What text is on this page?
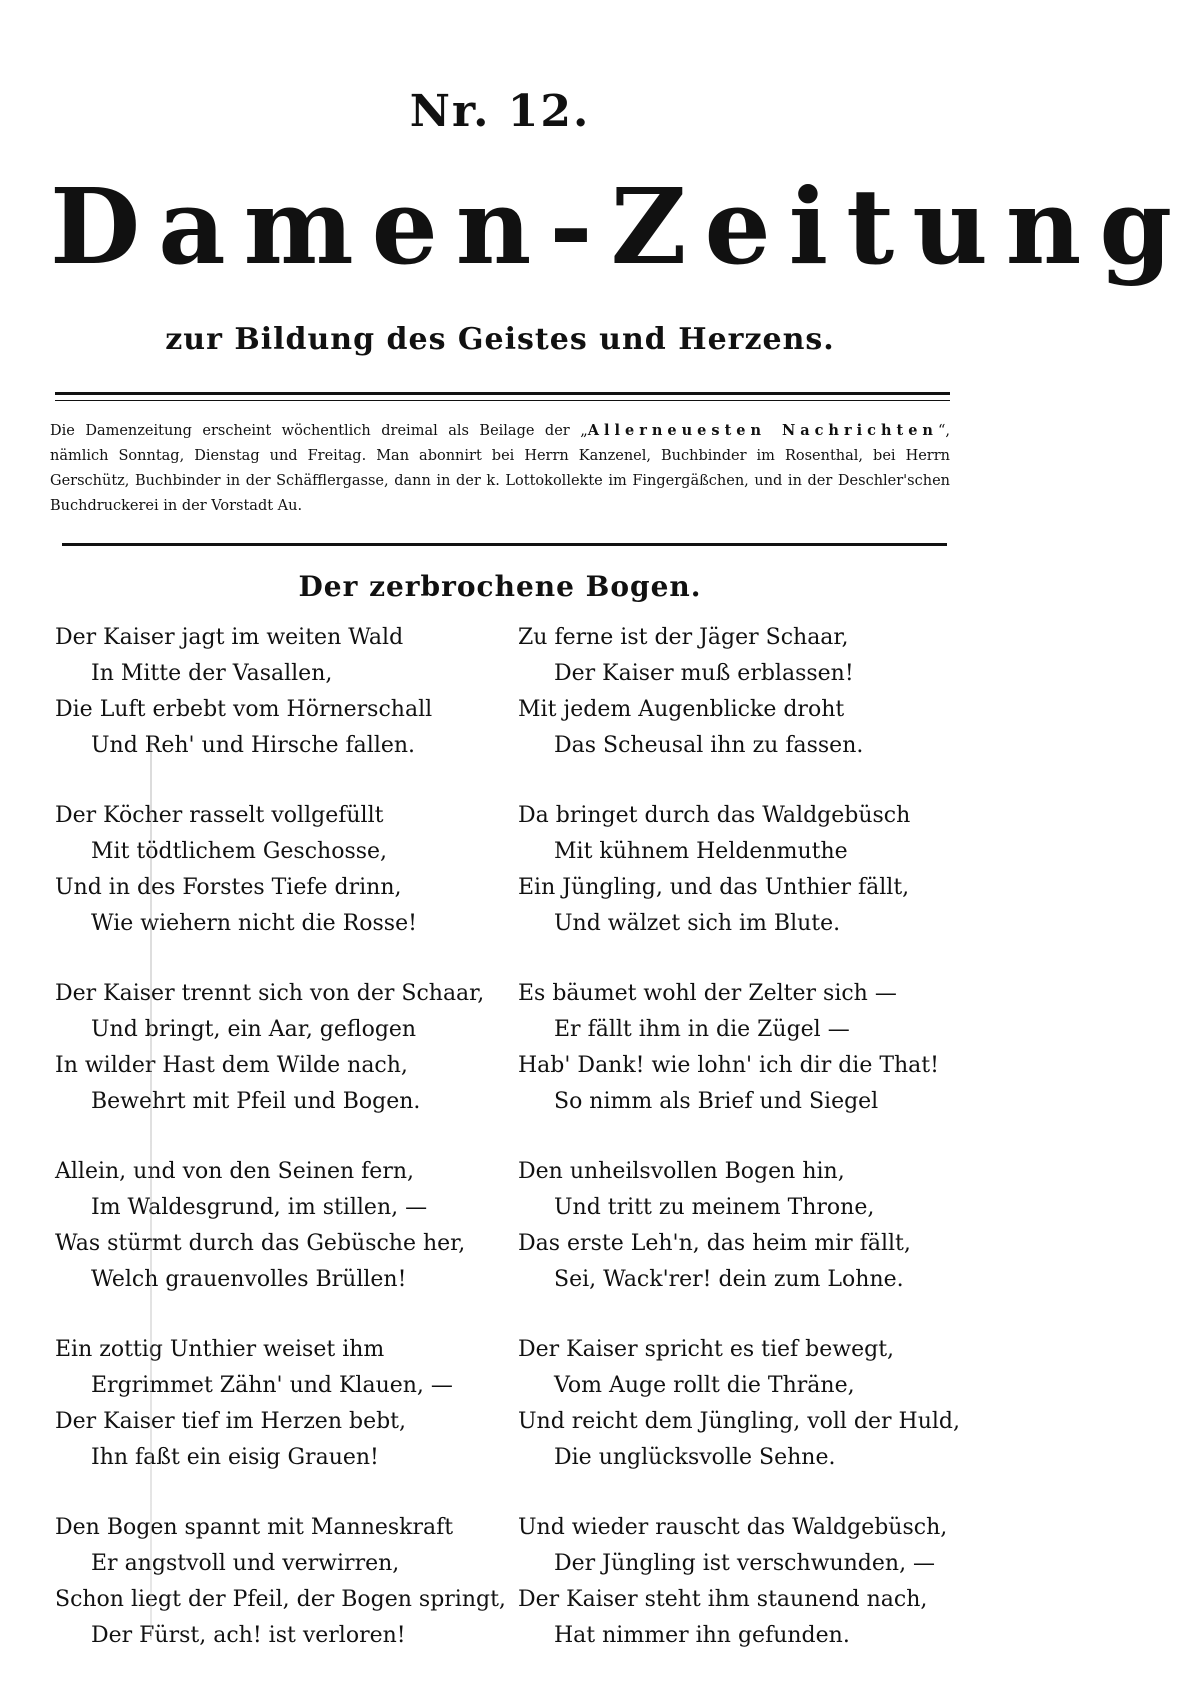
Nr. 12.
Damen-Zeitung
zur Bildung des Geistes und Herzens.
Die Damenzeitung erscheint wöchentlich dreimal als Beilage der „Allerneuesten Nachrichten“, nämlich Sonntag, Dienstag und Freitag. Man abonnirt bei Herrn Kanzenel, Buchbinder im Rosenthal, bei Herrn Gerschütz, Buchbinder in der Schäfflergasse, dann in der k. Lottokollekte im Fingergäßchen, und in der Deschler'schen Buchdruckerei in der Vorstadt Au.
Der zerbrochene Bogen.
Der Kaiser jagt im weiten Wald
In Mitte der Vasallen,
Die Luft erbebt vom Hörnerschall
Und Reh' und Hirsche fallen.
Der Köcher rasselt vollgefüllt
Mit tödtlichem Geschosse,
Und in des Forstes Tiefe drinn,
Wie wiehern nicht die Rosse!
Der Kaiser trennt sich von der Schaar,
Und bringt, ein Aar, geflogen
In wilder Hast dem Wilde nach,
Bewehrt mit Pfeil und Bogen.
Allein, und von den Seinen fern,
Im Waldesgrund, im stillen, —
Was stürmt durch das Gebüsche her,
Welch grauenvolles Brüllen!
Ein zottig Unthier weiset ihm
Ergrimmet Zähn' und Klauen, —
Der Kaiser tief im Herzen bebt,
Ihn faßt ein eisig Grauen!
Den Bogen spannt mit Manneskraft
Er angstvoll und verwirren,
Schon liegt der Pfeil, der Bogen springt,
Der Fürst, ach! ist verloren!
Zu ferne ist der Jäger Schaar,
Der Kaiser muß erblassen!
Mit jedem Augenblicke droht
Das Scheusal ihn zu fassen.
Da bringet durch das Waldgebüsch
Mit kühnem Heldenmuthe
Ein Jüngling, und das Unthier fällt,
Und wälzet sich im Blute.
Es bäumet wohl der Zelter sich —
Er fällt ihm in die Zügel —
Hab' Dank! wie lohn' ich dir die That!
So nimm als Brief und Siegel
Den unheilsvollen Bogen hin,
Und tritt zu meinem Throne,
Das erste Leh'n, das heim mir fällt,
Sei, Wack'rer! dein zum Lohne.
Der Kaiser spricht es tief bewegt,
Vom Auge rollt die Thräne,
Und reicht dem Jüngling, voll der Huld,
Die unglücksvolle Sehne.
Und wieder rauscht das Waldgebüsch,
Der Jüngling ist verschwunden, —
Der Kaiser steht ihm staunend nach,
Hat nimmer ihn gefunden.
